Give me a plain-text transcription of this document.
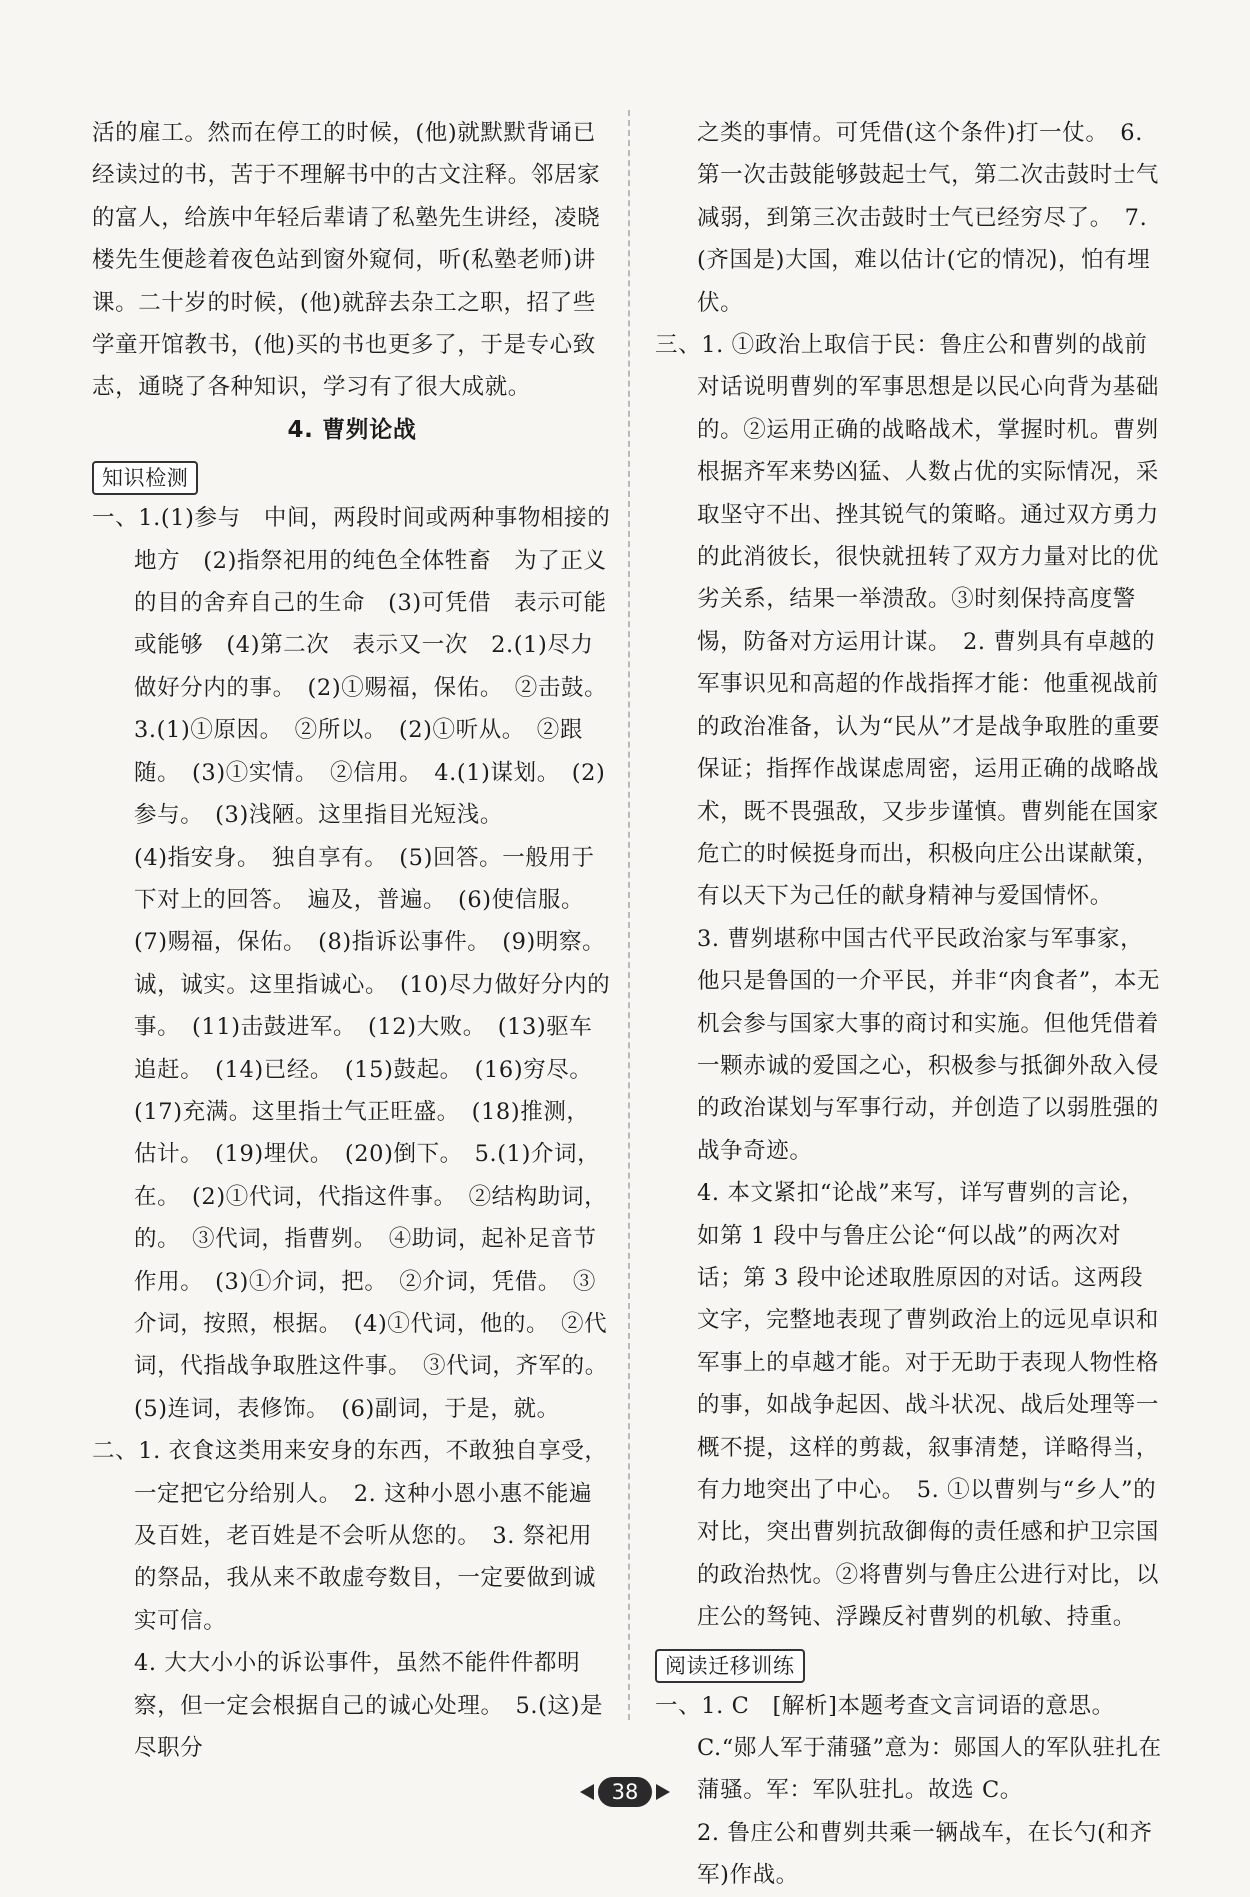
活的雇工。然而在停工的时候，(他)就默默背诵已经读过的书，苦于不理解书中的古文注释。邻居家的富人，给族中年轻后辈请了私塾先生讲经，凌晓楼先生便趁着夜色站到窗外窥伺，听(私塾老师)讲课。二十岁的时候，(他)就辞去杂工之职，招了些学童开馆教书，(他)买的书也更多了，于是专心致志，通晓了各种知识，学习有了很大成就。

4. 曹刿论战

知识检测

一、1.(1)参与　中间，两段时间或两种事物相接的地方　(2)指祭祀用的纯色全体牲畜　为了正义的目的舍弃自己的生命　(3)可凭借　表示可能或能够　(4)第二次　表示又一次　2.(1)尽力做好分内的事。　(2)①赐福，保佑。　②击鼓。

3.(1)①原因。　②所以。　(2)①听从。　②跟随。　(3)①实情。　②信用。　4.(1)谋划。　(2)参与。　(3)浅陋。这里指目光短浅。

(4)指安身。　独自享有。　(5)回答。一般用于下对上的回答。　遍及，普遍。　(6)使信服。　(7)赐福，保佑。　(8)指诉讼事件。　(9)明察。　诚，诚实。这里指诚心。　(10)尽力做好分内的事。　(11)击鼓进军。　(12)大败。　(13)驱车追赶。　(14)已经。　(15)鼓起。　(16)穷尽。　(17)充满。这里指士气正旺盛。　(18)推测，估计。　(19)埋伏。　(20)倒下。　5.(1)介词，在。　(2)①代词，代指这件事。　②结构助词，的。　③代词，指曹刿。　④助词，起补足音节作用。　(3)①介词，把。　②介词，凭借。　③介词，按照，根据。　(4)①代词，他的。　②代词，代指战争取胜这件事。　③代词，齐军的。　(5)连词，表修饰。　(6)副词，于是，就。

二、1. 衣食这类用来安身的东西，不敢独自享受，一定把它分给别人。　2. 这种小恩小惠不能遍及百姓，老百姓是不会听从您的。　3. 祭祀用的祭品，我从来不敢虚夸数目，一定要做到诚实可信。

4. 大大小小的诉讼事件，虽然不能件件都明察，但一定会根据自己的诚心处理。　5.(这)是尽职分

之类的事情。可凭借(这个条件)打一仗。　6. 第一次击鼓能够鼓起士气，第二次击鼓时士气减弱，到第三次击鼓时士气已经穷尽了。　7.(齐国是)大国，难以估计(它的情况)，怕有埋伏。

三、1. ①政治上取信于民：鲁庄公和曹刿的战前对话说明曹刿的军事思想是以民心向背为基础的。②运用正确的战略战术，掌握时机。曹刿根据齐军来势凶猛、人数占优的实际情况，采取坚守不出、挫其锐气的策略。通过双方勇力的此消彼长，很快就扭转了双方力量对比的优劣关系，结果一举溃敌。③时刻保持高度警惕，防备对方运用计谋。　2. 曹刿具有卓越的军事识见和高超的作战指挥才能：他重视战前的政治准备，认为“民从”才是战争取胜的重要保证；指挥作战谋虑周密，运用正确的战略战术，既不畏强敌，又步步谨慎。曹刿能在国家危亡的时候挺身而出，积极向庄公出谋献策，有以天下为己任的献身精神与爱国情怀。

3. 曹刿堪称中国古代平民政治家与军事家，他只是鲁国的一介平民，并非“肉食者”，本无机会参与国家大事的商讨和实施。但他凭借着一颗赤诚的爱国之心，积极参与抵御外敌入侵的政治谋划与军事行动，并创造了以弱胜强的战争奇迹。

4. 本文紧扣“论战”来写，详写曹刿的言论，如第 1 段中与鲁庄公论“何以战”的两次对话；第 3 段中论述取胜原因的对话。这两段文字，完整地表现了曹刿政治上的远见卓识和军事上的卓越才能。对于无助于表现人物性格的事，如战争起因、战斗状况、战后处理等一概不提，这样的剪裁，叙事清楚，详略得当，有力地突出了中心。　5. ①以曹刿与“乡人”的对比，突出曹刿抗敌御侮的责任感和护卫宗国的政治热忱。②将曹刿与鲁庄公进行对比，以庄公的驽钝、浮躁反衬曹刿的机敏、持重。

阅读迁移训练

一、1. C　[解析]本题考查文言词语的意思。C.“郧人军于蒲骚”意为：郧国人的军队驻扎在蒲骚。军：军队驻扎。故选 C。

2. 鲁庄公和曹刿共乘一辆战车，在长勺(和齐军)作战。

38
